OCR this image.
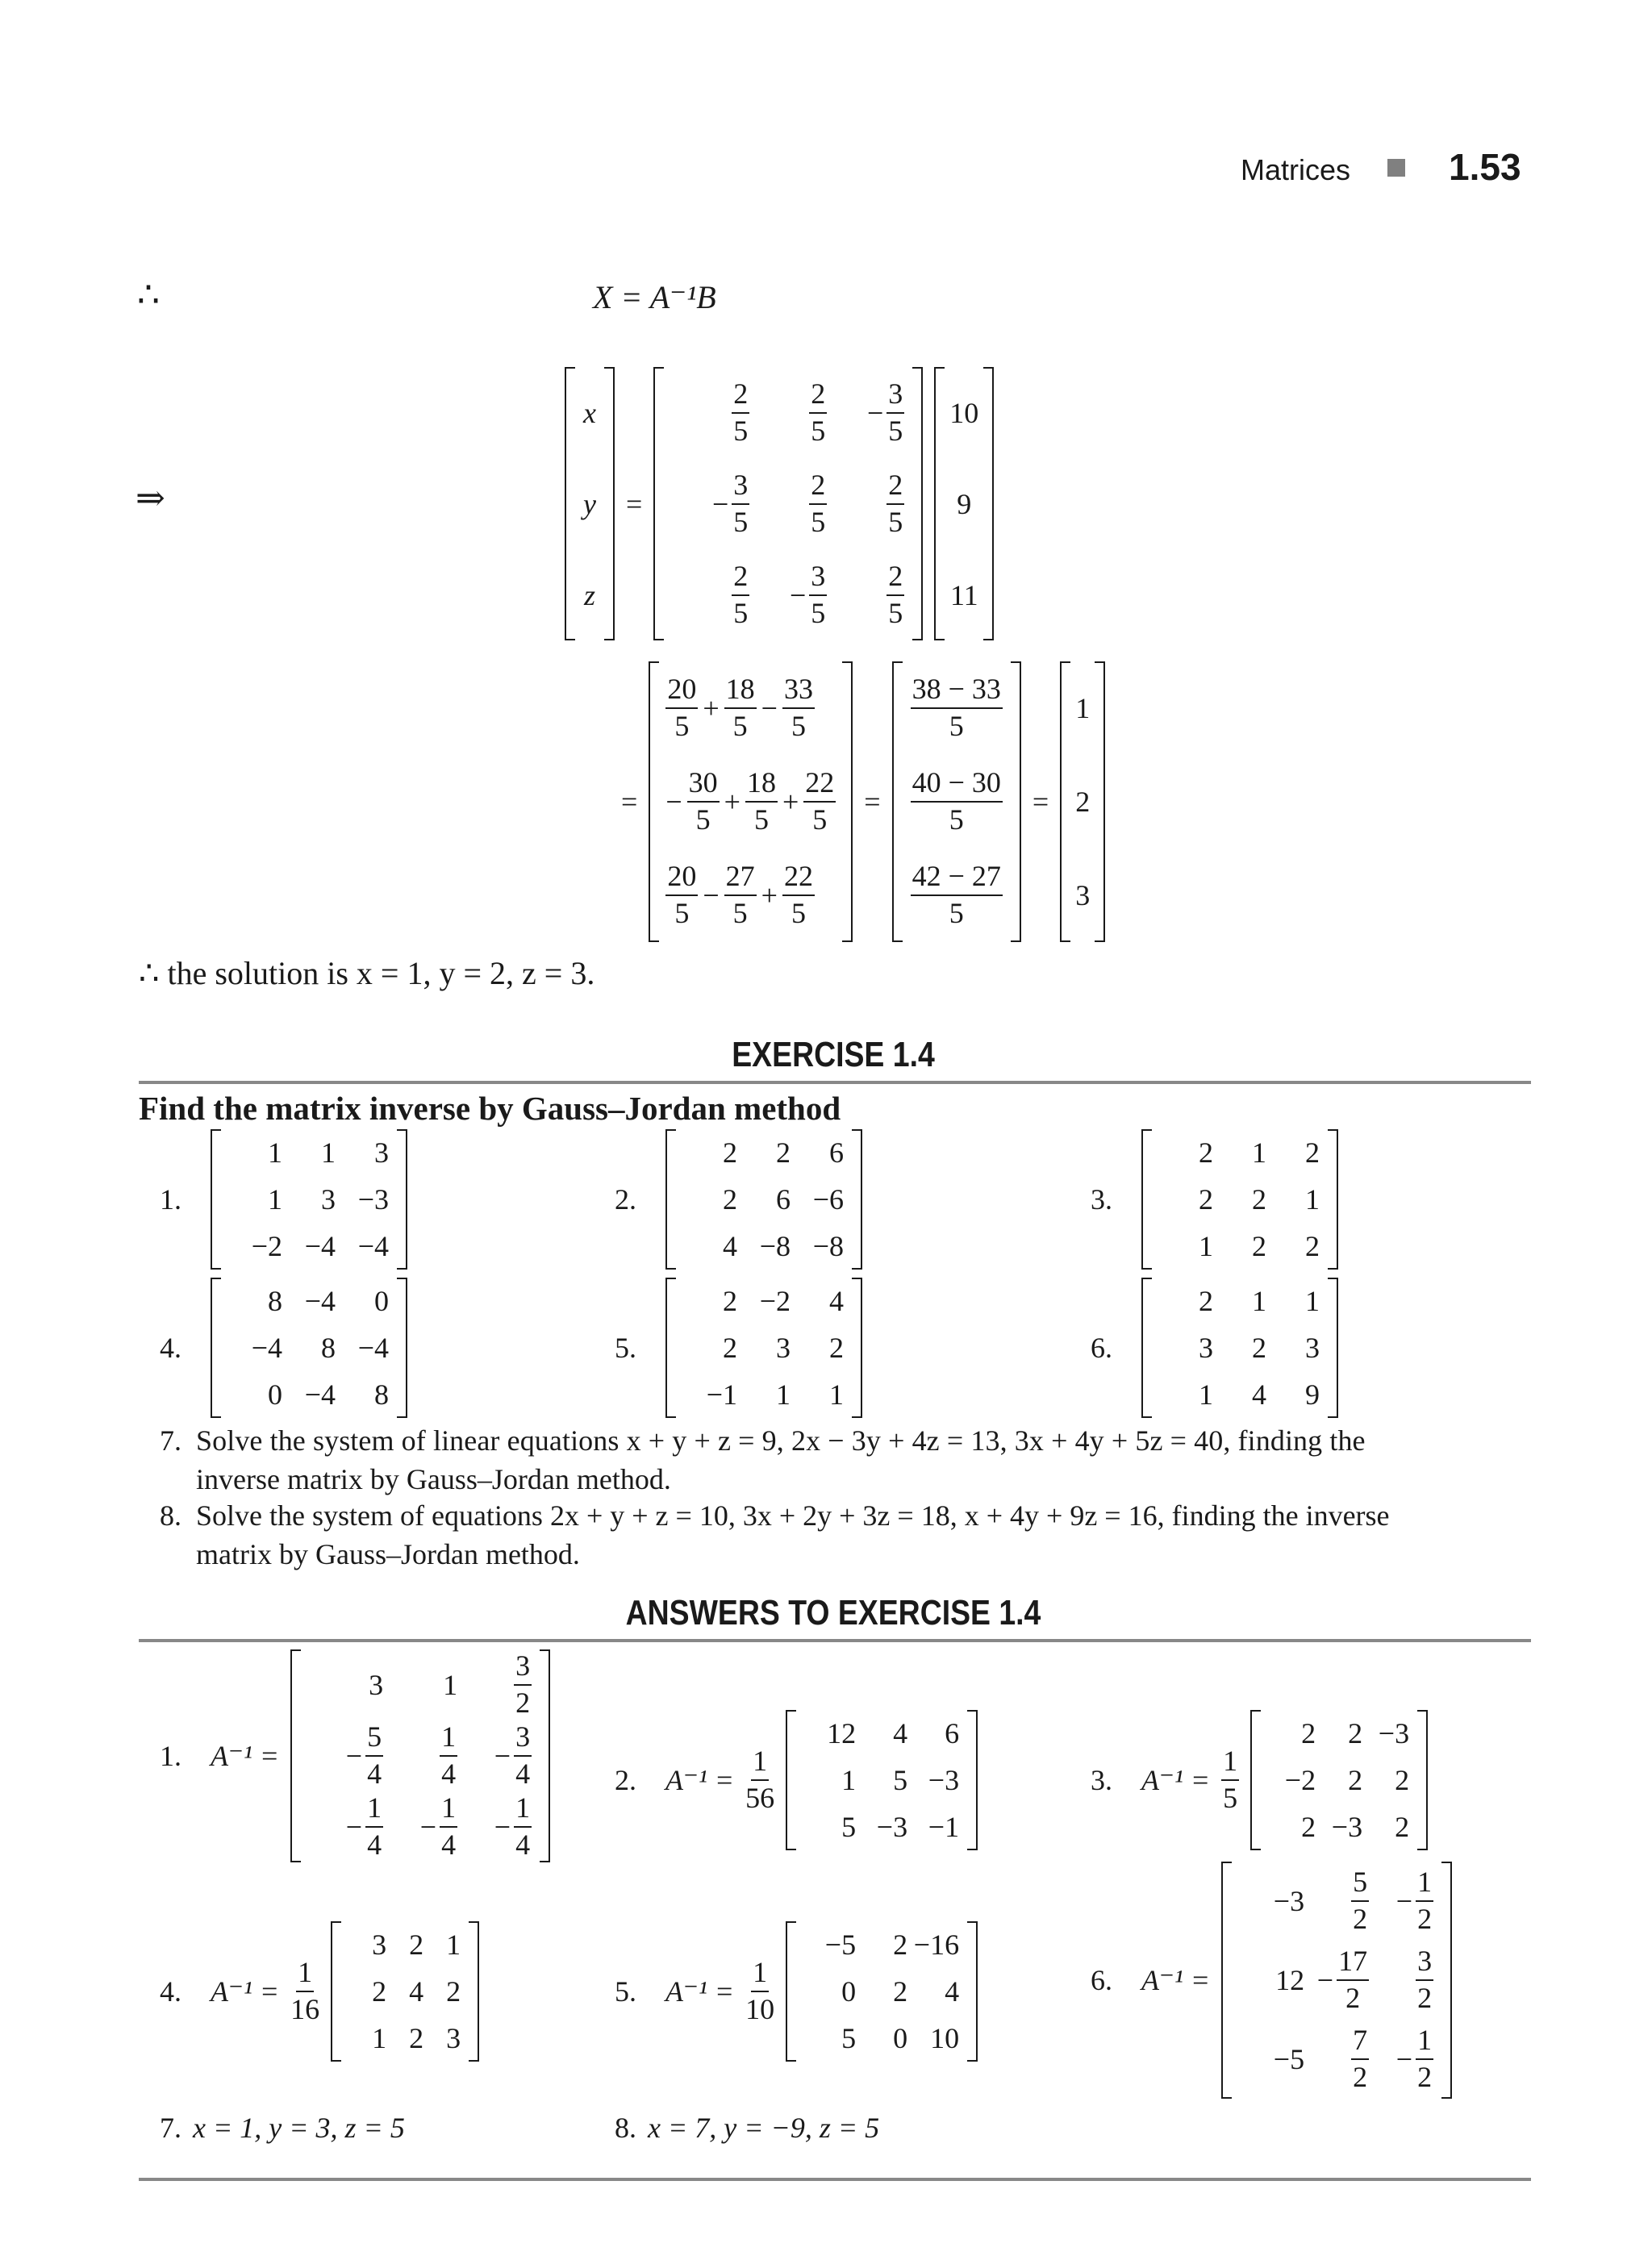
Matrices	1.53
∴	X = A⁻¹B
⇒
x
y
z
=
$\frac{2}{5} \frac{2}{5} - \frac{3}{5}$
− $\frac{3}{5} \frac{2}{5} \frac{2}{5}$
$\frac{2}{5} - \frac{3}{5} \frac{2}{5}$
10
9
11
=
$\frac{20}{5} + \frac{18}{5} - \frac{33}{5}$
− $\frac{30}{5} + \frac{18}{5} + \frac{22}{5}$
$\frac{20}{5} - \frac{27}{5} + \frac{22}{5}$
=
$\frac{38 - 33}{5}$
$\frac{40 - 30}{5}$
$\frac{42 - 27}{5}$
=
1
2
3
∴ the solution is x = 1, y = 2, z = 3.
EXERCISE 1.4
Find the matrix inverse by Gauss–Jordan method
1.
1 1 3
1 3 −3
−2 −4 −4
2.
2 2 6
2 6 −6
4 −8 −8
3.
2 1 2
2 2 1
1 2 2
4.
8 −4 0
−4 8 −4
0 −4 8
5.
2 −2 4
2 3 2
−1 1 1
6.
2 1 1
3 2 3
1 4 9
7. Solve the system of linear equations x + y + z = 9, 2x − 3y + 4z = 13, 3x + 4y + 5z = 40, finding the
inverse matrix by Gauss–Jordan method.
8. Solve the system of equations 2x + y + z = 10, 3x + 2y + 3z = 18, x + 4y + 9z = 16, finding the inverse
matrix by Gauss–Jordan method.
ANSWERS TO EXERCISE 1.4
1. A⁻¹ =
3 $1 \frac{3}{2}$
− $\frac{5}{4} \frac{1}{4} - \frac{3}{4}$
− $\frac{1}{4} - \frac{1}{4} - \frac{1}{4}$
2. $A^{-1} = \frac{1}{56}$
12 4 6
1 5 −3
5 −3 −1
3. $A^{-1} = \frac{1}{5}$
2 2 −3
−2 2 2
2 −3 2
4. $A^{-1} = \frac{1}{16}$
3 2 1
2 4 2
1 2 3
5. $A^{-1} = \frac{1}{10}$
−5 2 −16
0 2 4
5 0 10
6. A⁻¹ =
$-3 \frac{5}{2} - \frac{1}{2}$
$12 - \frac{17}{2} \frac{3}{2}$
$-5 \frac{7}{2} - \frac{1}{2}$
7. x = 1, y = 3, z = 5	8. x = 7, y = −9, z = 5
